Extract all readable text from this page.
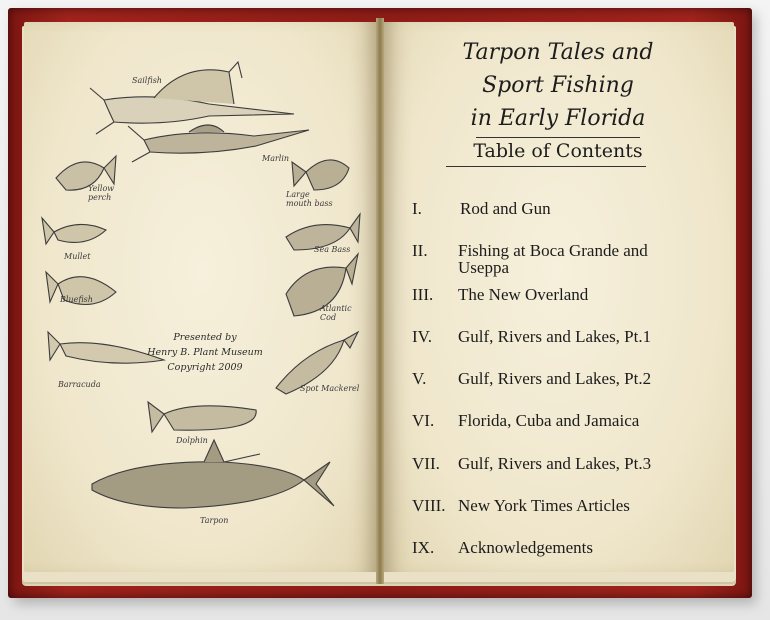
Sailfish
Marlin
Yellow perch	Large mouth bass
Mullet
Sea Bass
Bluefish
Atlantic Cod
Barracuda	Spot Mackerel
Dolphin
Tarpon
Presented by
Henry B. Plant Museum
Copyright 2009
Tarpon Tales and
Sport Fishing
in Early Florida
Table of Contents
I. Rod and Gun
II. Fishing at Boca Grande and Useppa
III. The New Overland
IV. Gulf, Rivers and Lakes, Pt.1
V. Gulf, Rivers and Lakes, Pt.2
VI. Florida, Cuba and Jamaica
VII. Gulf, Rivers and Lakes, Pt.3
VIII. New York Times Articles
IX. Acknowledgements
